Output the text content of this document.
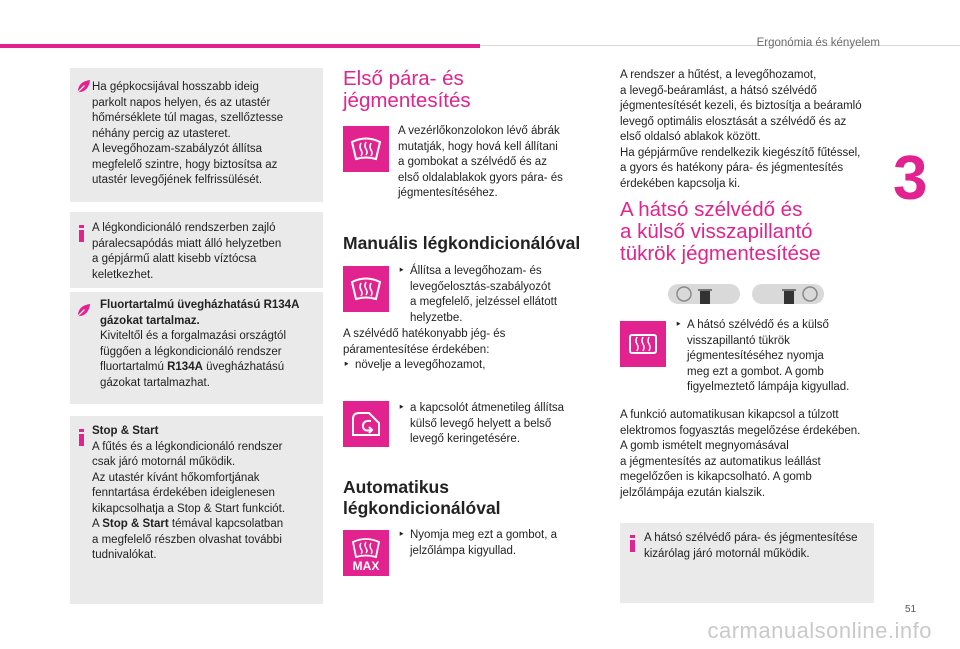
Ergonómia és kényelem
3
51
carmanualsonline.info
Ha gépkocsijával hosszabb ideig
parkolt napos helyen, és az utastér
hőmérséklete túl magas, szellőztesse
néhány percig az utasteret.
A levegőhozam-szabályzót állítsa
megfelelő szintre, hogy biztosítsa az
utastér levegőjének felfrissülését.
A légkondicionáló rendszerben zajló
páralecsapódás miatt álló helyzetben
a gépjármű alatt kisebb víztócsa
keletkezhet.
Fluortartalmú üvegházhatású R134A
gázokat tartalmaz.
Kiviteltől és a forgalmazási országtól
függően a légkondicionáló rendszer
fluortartalmú R134A üvegházhatású
gázokat tartalmazhat.
Stop & Start
A fűtés és a légkondicionáló rendszer
csak járó motornál működik.
Az utastér kívánt hőkomfortjának
fenntartása érdekében ideiglenesen
kikapcsolhatja a Stop & Start funkciót.
A Stop & Start témával kapcsolatban
a megfelelő részben olvashat további
tudnivalókat.
Első pára- és
jégmentesítés
A vezérlőkonzolokon lévő ábrák
mutatják, hogy hová kell állítani
a gombokat a szélvédő és az
első oldalablakok gyors pára- és
jégmentesítéséhez.
Manuális légkondicionálóval
‣ Állítsa a levegőhozam- és
levegőelosztás-szabályozót
a megfelelő, jelzéssel ellátott
helyzetbe.
A szélvédő hatékonyabb jég- és
páramentesítése érdekében:
‣ növelje a levegőhozamot,
‣ a kapcsolót átmenetileg állítsa
külső levegő helyett a belső
levegő keringetésére.
Automatikus
légkondicionálóval
MAX
‣ Nyomja meg ezt a gombot, a
jelzőlámpa kigyullad.
A rendszer a hűtést, a levegőhozamot,
a levegő-beáramlást, a hátsó szélvédő
jégmentesítését kezeli, és biztosítja a beáramló
levegő optimális elosztását a szélvédő és az
első oldalsó ablakok között.
Ha gépjárműve rendelkezik kiegészítő fűtéssel,
a gyors és hatékony pára- és jégmentesítés
érdekében kapcsolja ki.
A hátsó szélvédő és
a külső visszapillantó
tükrök jégmentesítése
‣ A hátsó szélvédő és a külső
visszapillantó tükrök
jégmentesítéséhez nyomja
meg ezt a gombot. A gomb
figyelmeztető lámpája kigyullad.
A funkció automatikusan kikapcsol a túlzott
elektromos fogyasztás megelőzése érdekében.
A gomb ismételt megnyomásával
a jégmentesítés az automatikus leállást
megelőzően is kikapcsolható. A gomb
jelzőlámpája ezután kialszik.
A hátsó szélvédő pára- és jégmentesítése
kizárólag járó motornál működik.
